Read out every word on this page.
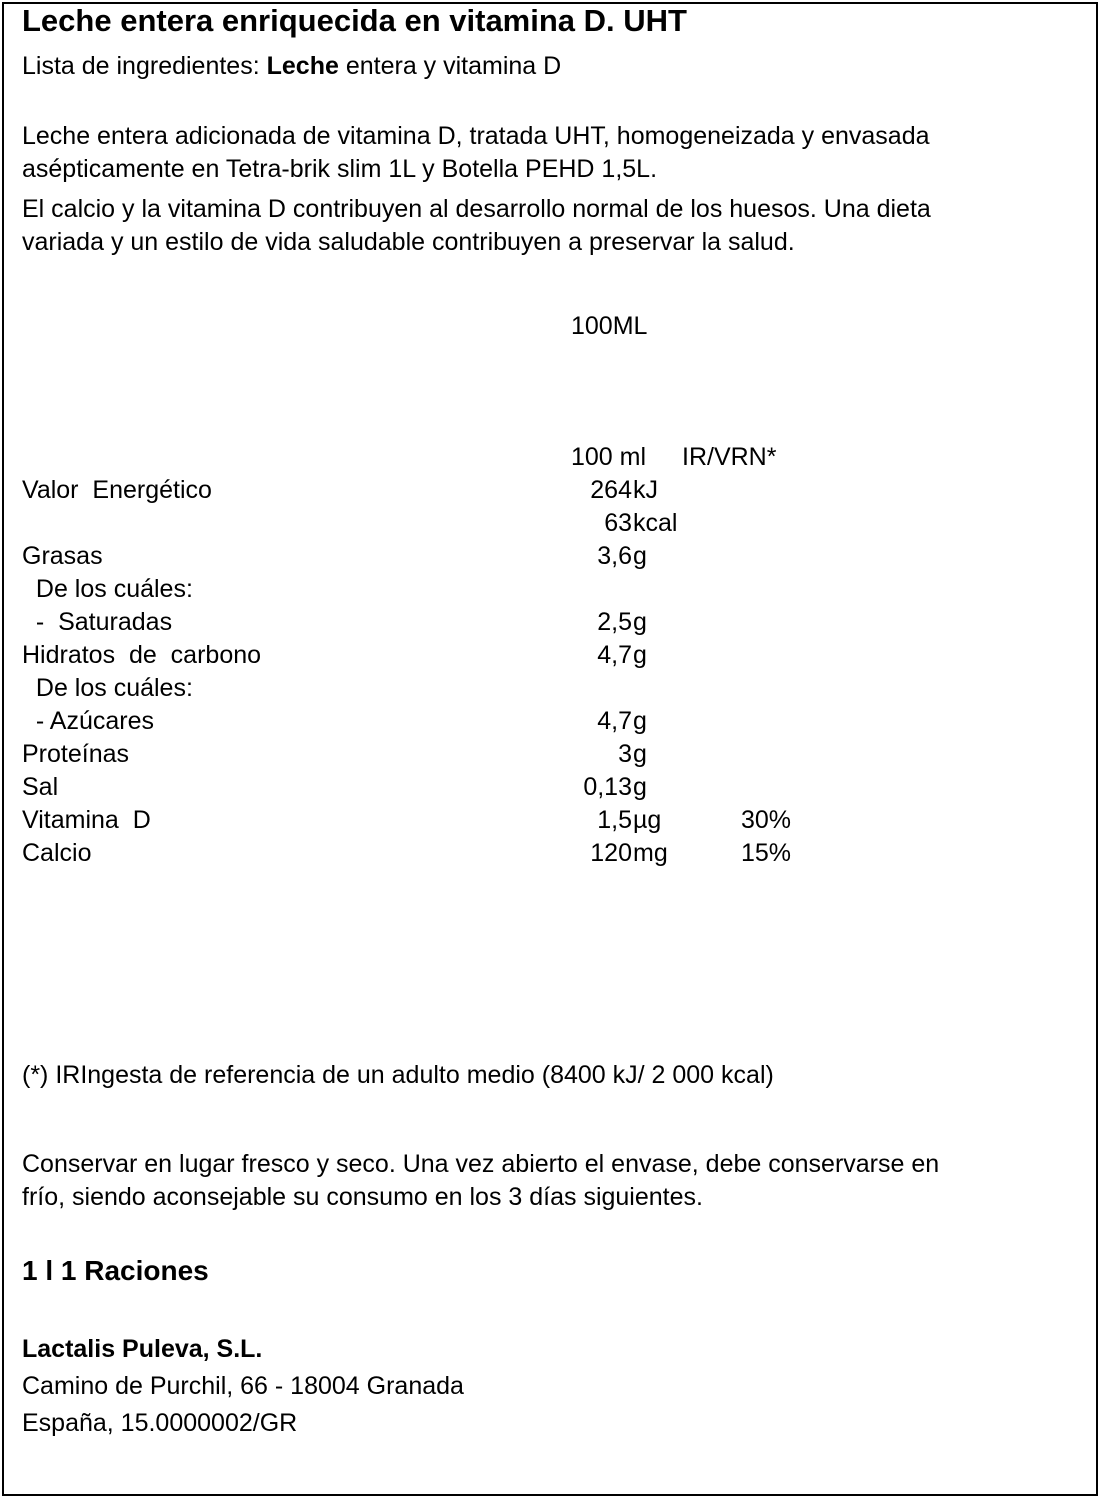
Leche entera enriquecida en vitamina D. UHT
Lista de ingredientes: Leche entera y vitamina D
Leche entera adicionada de vitamina D, tratada UHT, homogeneizada y envasada
asépticamente en Tetra-brik slim 1L y Botella PEHD 1,5L.
El calcio y la vitamina D contribuyen al desarrollo normal de los huesos. Una dieta
variada y un estilo de vida saludable contribuyen a preservar la salud.
100ML
100 ml IR/VRN*
Valor  Energético	264 kJ
63 kcal
Grasas	3,6 g
De los cuáles:
-  Saturadas	2,5 g
Hidratos  de  carbono	4,7 g
De los cuáles:
- Azúcares	4,7 g
Proteínas	3 g
Sal	0,13 g
Vitamina  D	1,5 µg	30%
Calcio	120 mg	15%
(*) IRIngesta de referencia de un adulto medio (8400 kJ/ 2 000 kcal)
Conservar en lugar fresco y seco. Una vez abierto el envase, debe conservarse en
frío, siendo aconsejable su consumo en los 3 días siguientes.
1 l 1 Raciones
Lactalis Puleva, S.L.
Camino de Purchil, 66 - 18004 Granada
España, 15.0000002/GR
